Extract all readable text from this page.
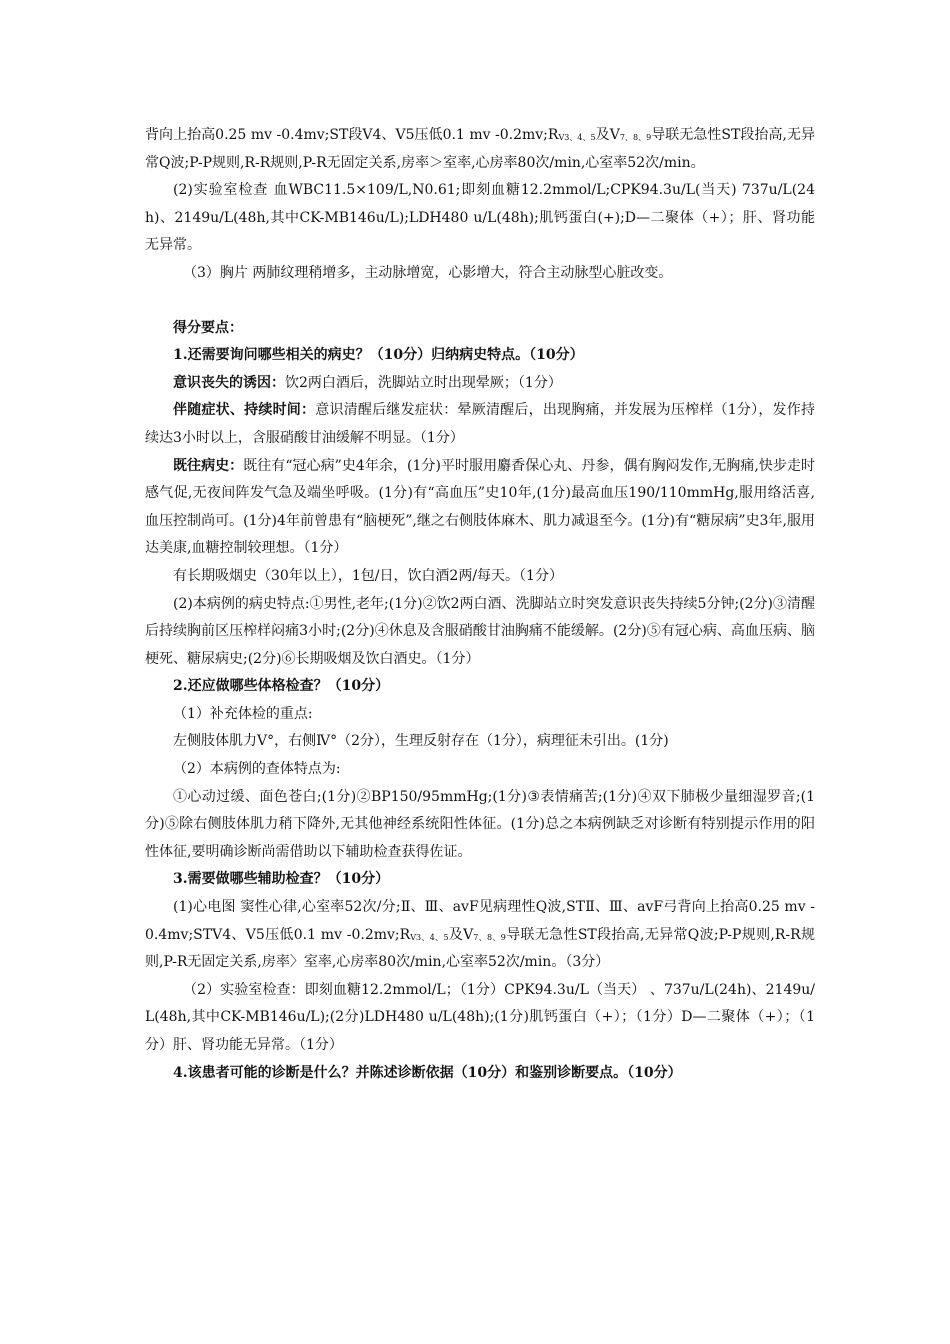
背向上抬高0.25 mv -0.4mv;ST段V4、V5压低0.1 mv $-0.2mv;R_{V3、4、5}$及$V_{7、8、9}$导联无急性ST段抬高,无异常Q波;P-P规则,R-R规则,P-R无固定关系,房率＞室率,心房率80次/min,心室率52次/min。

(2)实验室检查 血WBC11.5×109/L,N0.61;即刻血糖12.2mmol/L;CPK94.3u/L(当天) 737u/L(24h)、2149u/L(48h,其中CK-MB146u/L);LDH480 u/L(48h);肌钙蛋白(+);D—二聚体（+）；肝、肾功能无异常。

（3）胸片 两肺纹理稍增多，主动脉增宽，心影增大，符合主动脉型心脏改变。

得分要点：

1.还需要询问哪些相关的病史？（10分）归纳病史特点。（10分）

意识丧失的诱因：饮2两白酒后，洗脚站立时出现晕厥；（1分）

伴随症状、持续时间：意识清醒后继发症状：晕厥清醒后，出现胸痛，并发展为压榨样（1分），发作持续达3小时以上，含服硝酸甘油缓解不明显。（1分）

既往病史：既往有“冠心病”史4年余，(1分)平时服用麝香保心丸、丹参，偶有胸闷发作,无胸痛,快步走时感气促,无夜间阵发气急及端坐呼吸。(1分)有“高血压”史10年,(1分)最高血压190/110mmHg,服用络活喜,血压控制尚可。(1分)4年前曾患有“脑梗死”,继之右侧肢体麻木、肌力减退至今。(1分)有“糖尿病”史3年,服用达美康,血糖控制较理想。（1分）

有长期吸烟史（30年以上），1包/日，饮白酒2两/每天。（1分）

(2)本病例的病史特点:①男性,老年;(1分)②饮2两白酒、洗脚站立时突发意识丧失持续5分钟;(2分)③清醒后持续胸前区压榨样闷痛3小时;(2分)④休息及含服硝酸甘油胸痛不能缓解。(2分)⑤有冠心病、高血压病、脑梗死、糖尿病史;(2分)⑥长期吸烟及饮白酒史。（1分）

2.还应做哪些体格检查？（10分）

（1）补充体检的重点:

左侧肢体肌力Ⅴ°，右侧Ⅳ°（2分），生理反射存在（1分），病理征未引出。(1分)

（2）本病例的查体特点为:

①心动过缓、面色苍白;(1分)②BP150/95mmHg;(1分)③表情痛苦;(1分)④双下肺极少量细湿罗音;(1分)⑤除右侧肢体肌力稍下降外,无其他神经系统阳性体征。(1分)总之本病例缺乏对诊断有特别提示作用的阳性体征,要明确诊断尚需借助以下辅助检查获得佐证。

3.需要做哪些辅助检查？（10分）

(1)心电图 窦性心律,心室率52次/分;Ⅱ、Ⅲ、avF见病理性Q波,STⅡ、Ⅲ、avF弓背向上抬高0.25 mv -0.4mv;STV4、V5压低0.1 mv $-0.2mv;R_{V3、4、5}$及$V_{7、8、9}$导联无急性ST段抬高,无异常Q波;P-P规则,R-R规则,P-R无固定关系,房率〉室率,心房率80次/min,心室率52次/min。（3分）

（2）实验室检查：即刻血糖12.2mmol/L；（1分）CPK94.3u/L（当天） 、737u/L(24h)、2149u/L(48h,其中CK-MB146u/L);(2分)LDH480 u/L(48h);(1分)肌钙蛋白（+）；（1分）D—二聚体（+）；（1分）肝、肾功能无异常。（1分）

4.该患者可能的诊断是什么？并陈述诊断依据（10分）和鉴别诊断要点。（10分）
